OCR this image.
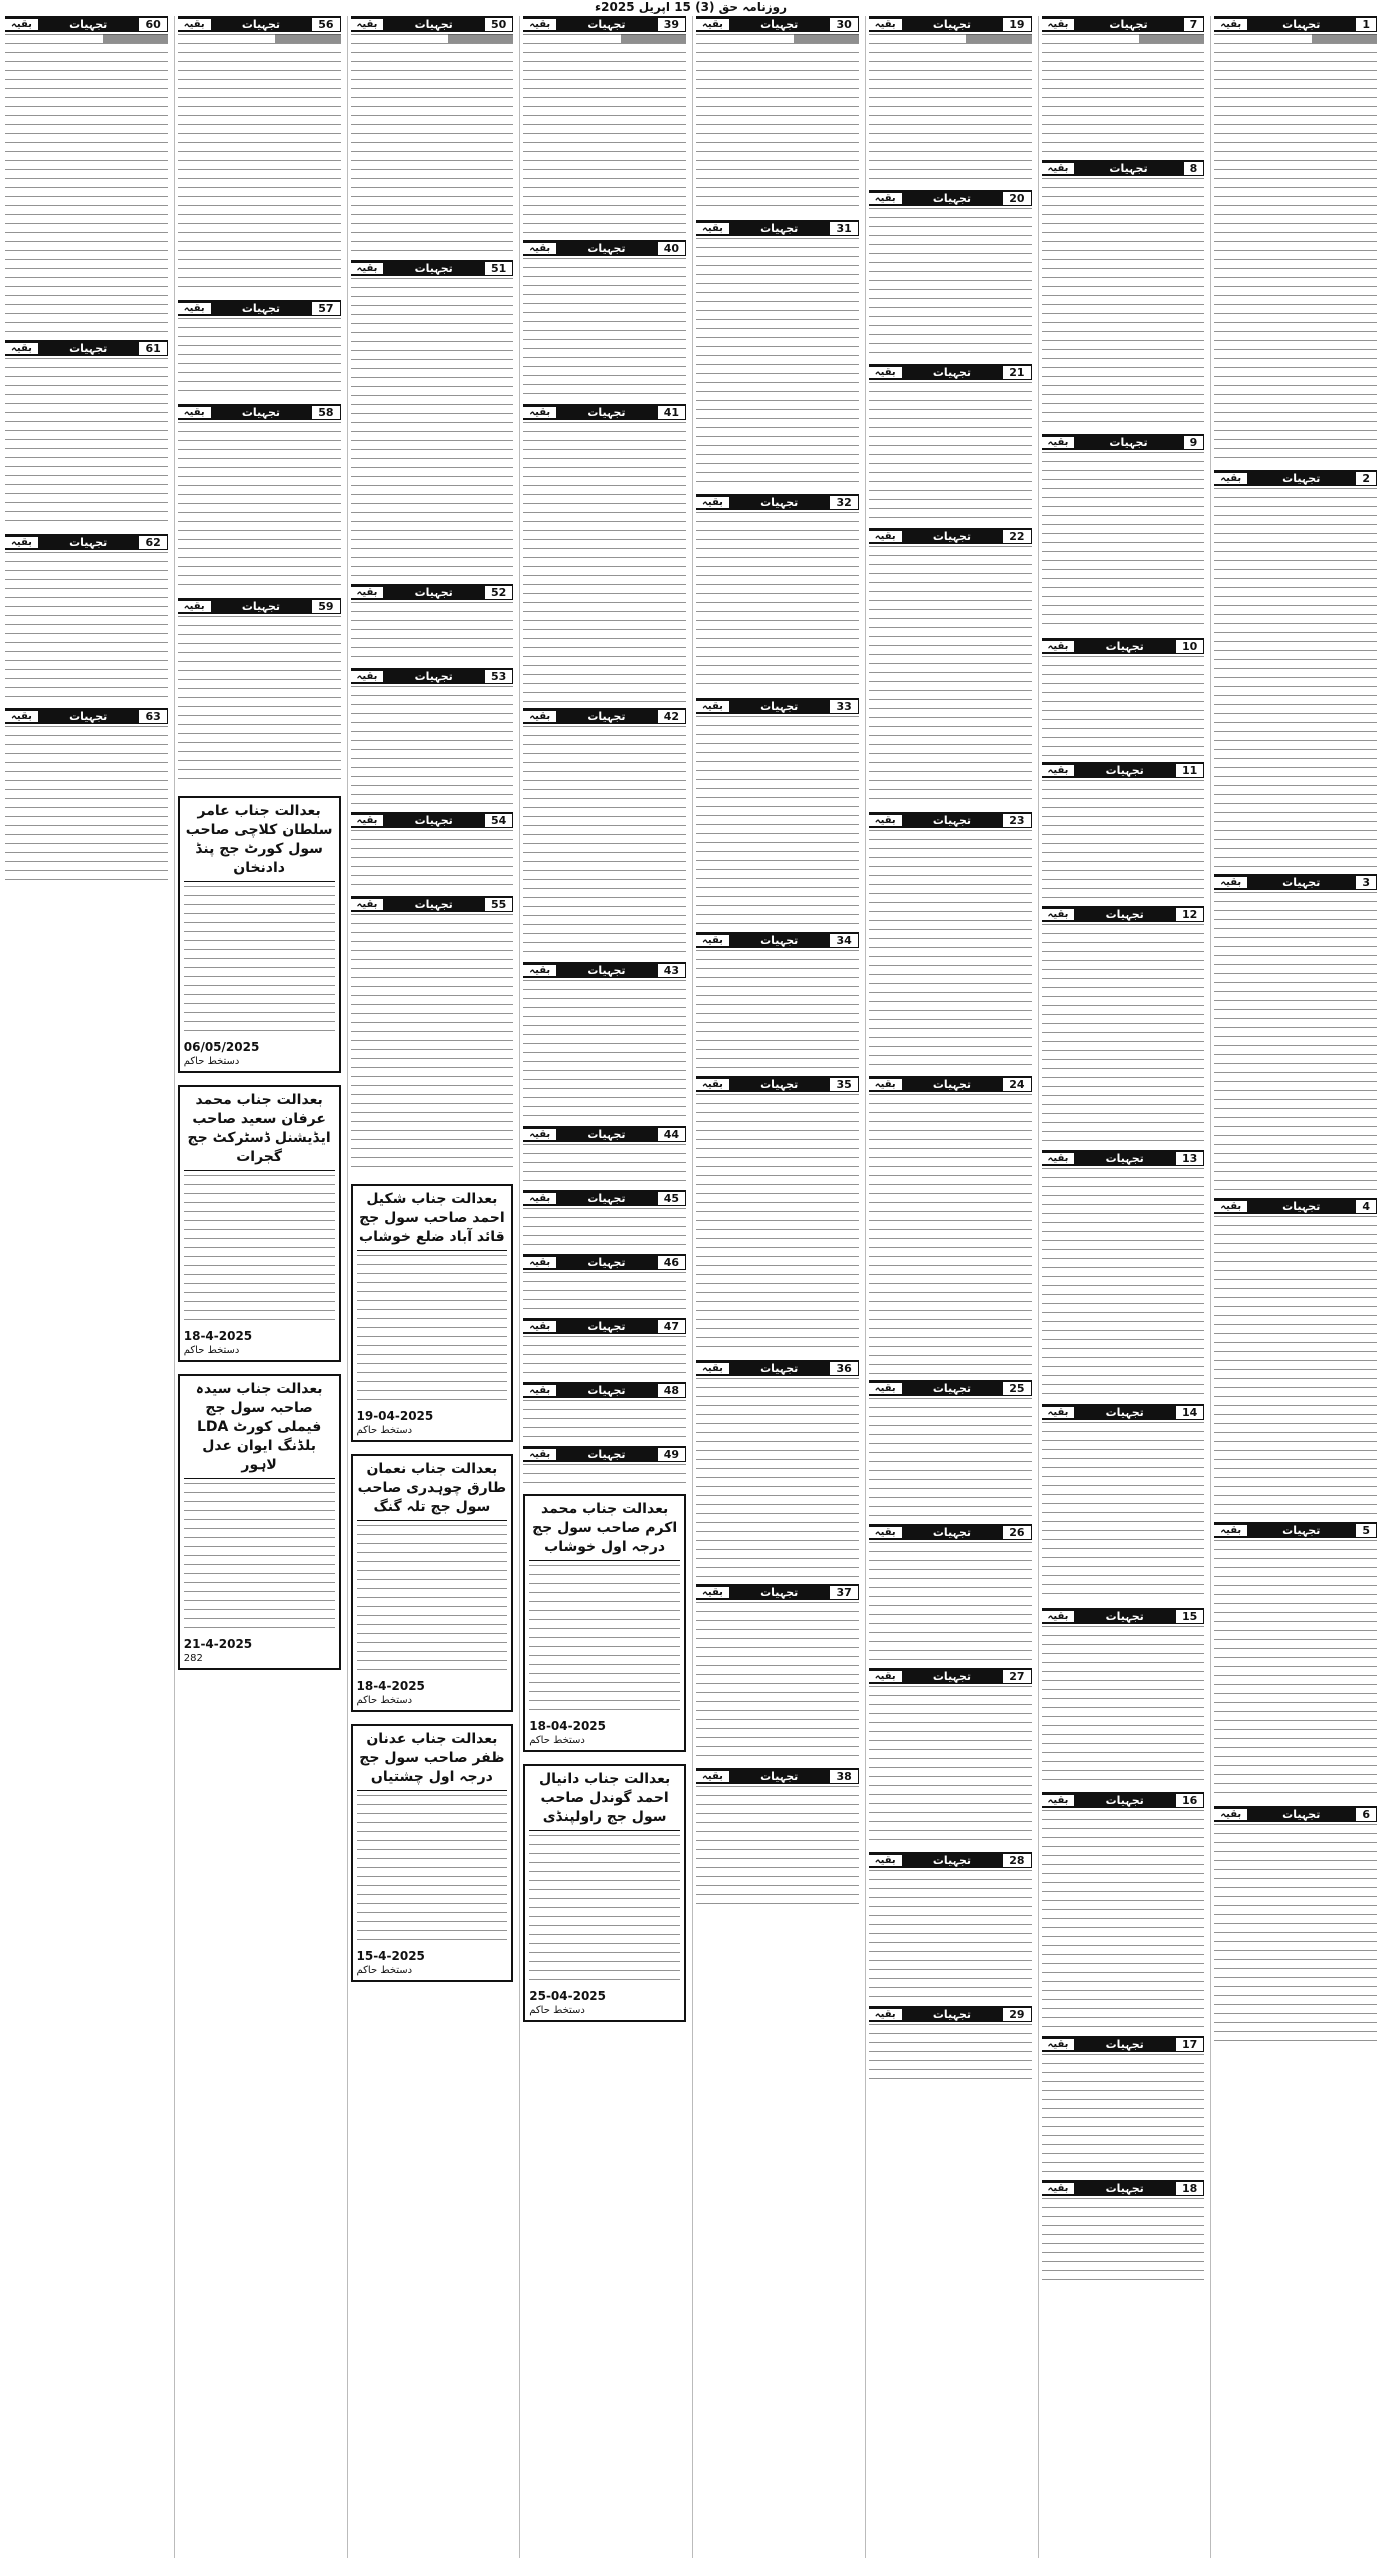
روزنامہ حق (3) 15 اپریل 2025ء
1
تجہیات
بقیہ
2
تجہیات
بقیہ
3
تجہیات
بقیہ
4
تجہیات
بقیہ
5
تجہیات
بقیہ
6
تجہیات
بقیہ
7
تجہیات
بقیہ
8
تجہیات
بقیہ
9
تجہیات
بقیہ
10
تجہیات
بقیہ
11
تجہیات
بقیہ
12
تجہیات
بقیہ
13
تجہیات
بقیہ
14
تجہیات
بقیہ
15
تجہیات
بقیہ
16
تجہیات
بقیہ
17
تجہیات
بقیہ
18
تجہیات
بقیہ
19
تجہیات
بقیہ
20
تجہیات
بقیہ
21
تجہیات
بقیہ
22
تجہیات
بقیہ
23
تجہیات
بقیہ
24
تجہیات
بقیہ
25
تجہیات
بقیہ
26
تجہیات
بقیہ
27
تجہیات
بقیہ
28
تجہیات
بقیہ
29
تجہیات
بقیہ
30
تجہیات
بقیہ
31
تجہیات
بقیہ
32
تجہیات
بقیہ
33
تجہیات
بقیہ
34
تجہیات
بقیہ
35
تجہیات
بقیہ
36
تجہیات
بقیہ
37
تجہیات
بقیہ
38
تجہیات
بقیہ
39
تجہیات
بقیہ
40
تجہیات
بقیہ
41
تجہیات
بقیہ
42
تجہیات
بقیہ
43
تجہیات
بقیہ
44
تجہیات
بقیہ
45
تجہیات
بقیہ
46
تجہیات
بقیہ
47
تجہیات
بقیہ
48
تجہیات
بقیہ
49
تجہیات
بقیہ
بعدالت جناب محمد اکرم صاحب سول جج درجہ اول خوشاب
18-04-2025
دستخط حاکم
بعدالت جناب دانیال احمد گوندل صاحب سول جج راولپنڈی
25-04-2025
دستخط حاکم
50
تجہیات
بقیہ
51
تجہیات
بقیہ
52
تجہیات
بقیہ
53
تجہیات
بقیہ
54
تجہیات
بقیہ
55
تجہیات
بقیہ
بعدالت جناب شکیل احمد صاحب سول جج قائد آباد ضلع خوشاب
19-04-2025
دستخط حاکم
بعدالت جناب نعمان طارق چوہدری صاحب سول جج تلہ گنگ
18-4-2025
دستخط حاکم
بعدالت جناب عدنان ظفر صاحب سول جج درجہ اول چشتیاں
15-4-2025
دستخط حاکم
56
تجہیات
بقیہ
57
تجہیات
بقیہ
58
تجہیات
بقیہ
59
تجہیات
بقیہ
بعدالت جناب عامر سلطان کلاچی صاحب سول کورٹ جج پنڈ دادنخان
06/05/2025
دستخط حاکم
بعدالت جناب محمد عرفان سعید صاحب ایڈیشنل ڈسٹرکٹ جج گجرات
18-4-2025
دستخط حاکم
بعدالت جناب سیدہ صاحبہ سول جج فیملی کورٹ LDA بلڈنگ ایوان عدل لاہور
21-4-2025
282
60
تجہیات
بقیہ
61
تجہیات
بقیہ
62
تجہیات
بقیہ
63
تجہیات
بقیہ
